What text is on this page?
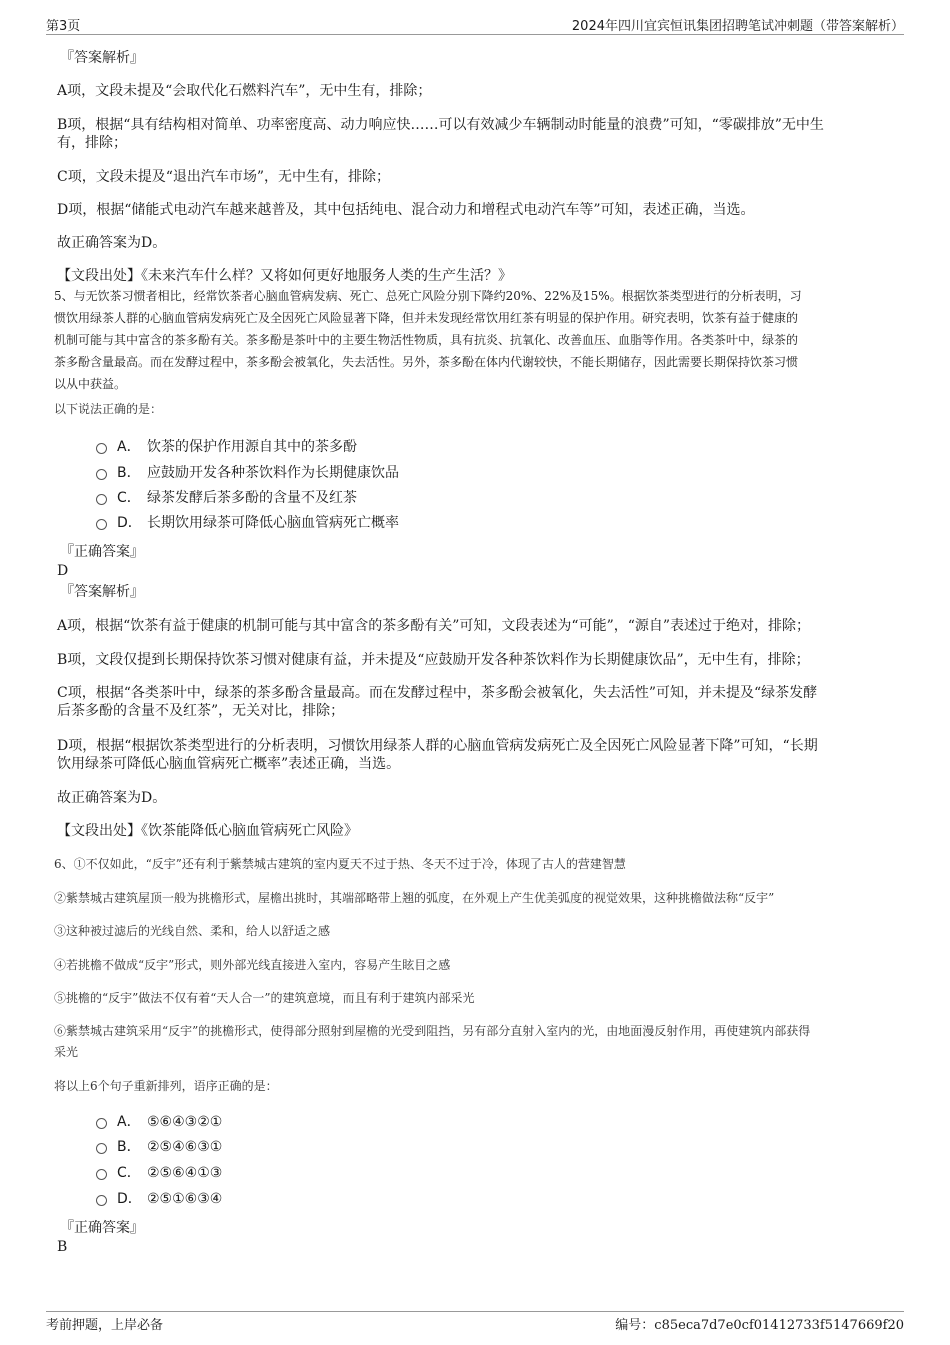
第3页	2024年四川宜宾恒讯集团招聘笔试冲刺题（带答案解析）
『答案解析』
A项，文段未提及“会取代化石燃料汽车”，无中生有，排除；
B项，根据“具有结构相对简单、功率密度高、动力响应快……可以有效减少车辆制动时能量的浪费”可知，“零碳排放”无中生
有，排除；
C项，文段未提及“退出汽车市场”，无中生有，排除；
D项，根据“储能式电动汽车越来越普及，其中包括纯电、混合动力和增程式电动汽车等”可知，表述正确，当选。
故正确答案为D。
【文段出处】《未来汽车什么样？又将如何更好地服务人类的生产生活？》
5、与无饮茶习惯者相比，经常饮茶者心脑血管病发病、死亡、总死亡风险分别下降约20%、22%及15%。根据饮茶类型进行的分析表明，习
惯饮用绿茶人群的心脑血管病发病死亡及全因死亡风险显著下降，但并未发现经常饮用红茶有明显的保护作用。研究表明，饮茶有益于健康的
机制可能与其中富含的茶多酚有关。茶多酚是茶叶中的主要生物活性物质，具有抗炎、抗氧化、改善血压、血脂等作用。各类茶叶中，绿茶的
茶多酚含量最高。而在发酵过程中，茶多酚会被氧化，失去活性。另外，茶多酚在体内代谢较快，不能长期储存，因此需要长期保持饮茶习惯
以从中获益。
以下说法正确的是：
A． 饮茶的保护作用源自其中的茶多酚
B． 应鼓励开发各种茶饮料作为长期健康饮品
C． 绿茶发酵后茶多酚的含量不及红茶
D． 长期饮用绿茶可降低心脑血管病死亡概率
『正确答案』
D
『答案解析』
A项，根据“饮茶有益于健康的机制可能与其中富含的茶多酚有关”可知，文段表述为“可能”，“源自”表述过于绝对，排除；
B项，文段仅提到长期保持饮茶习惯对健康有益，并未提及“应鼓励开发各种茶饮料作为长期健康饮品”，无中生有，排除；
C项，根据“各类茶叶中，绿茶的茶多酚含量最高。而在发酵过程中，茶多酚会被氧化，失去活性”可知，并未提及“绿茶发酵
后茶多酚的含量不及红茶”，无关对比，排除；
D项，根据“根据饮茶类型进行的分析表明，习惯饮用绿茶人群的心脑血管病发病死亡及全因死亡风险显著下降”可知，“长期
饮用绿茶可降低心脑血管病死亡概率”表述正确，当选。
故正确答案为D。
【文段出处】《饮茶能降低心脑血管病死亡风险》
6、①不仅如此，“反宇”还有利于紫禁城古建筑的室内夏天不过于热、冬天不过于冷，体现了古人的营建智慧
②紫禁城古建筑屋顶一般为挑檐形式，屋檐出挑时，其端部略带上翘的弧度，在外观上产生优美弧度的视觉效果，这种挑檐做法称“反宇”
③这种被过滤后的光线自然、柔和，给人以舒适之感
④若挑檐不做成“反宇”形式，则外部光线直接进入室内，容易产生眩目之感
⑤挑檐的“反宇”做法不仅有着“天人合一”的建筑意境，而且有利于建筑内部采光
⑥紫禁城古建筑采用“反宇”的挑檐形式，使得部分照射到屋檐的光受到阻挡，另有部分直射入室内的光，由地面漫反射作用，再使建筑内部获得
采光
将以上6个句子重新排列，语序正确的是：
A． ⑤⑥④③②①
B． ②⑤④⑥③①
C． ②⑤⑥④①③
D． ②⑤①⑥③④
『正确答案』
B
考前押题，上岸必备	编号：c85eca7d7e0cf01412733f5147669f20
